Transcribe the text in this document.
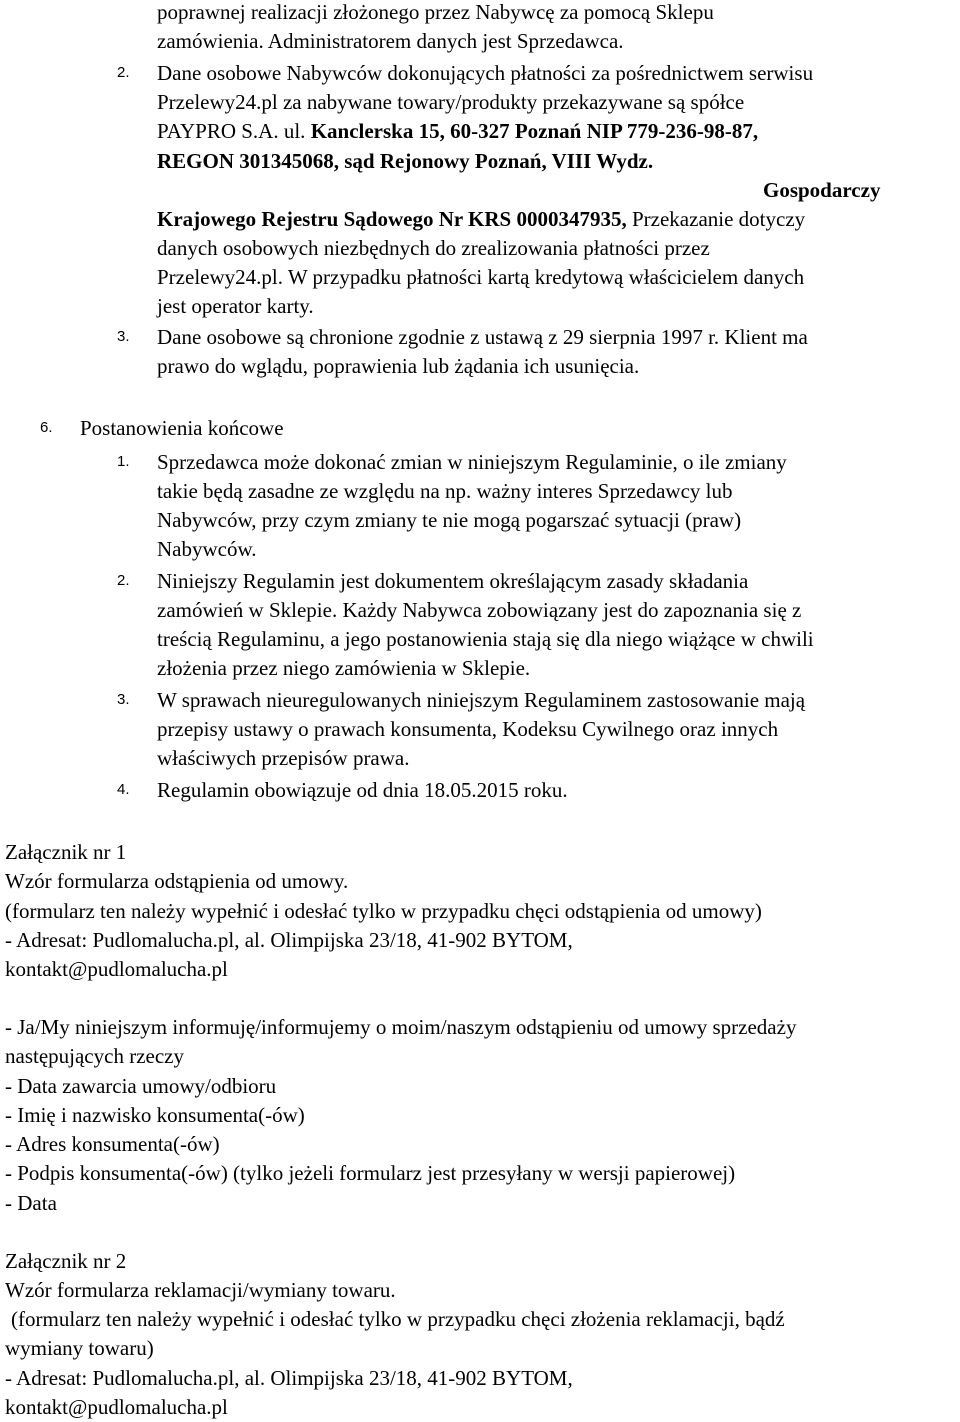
poprawnej realizacji złożonego przez Nabywcę za pomocą Sklepu
zamówienia. Administratorem danych jest Sprzedawca.
2. Dane osobowe Nabywców dokonujących płatności za pośrednictwem serwisu
Przelewy24.pl za nabywane towary/produkty przekazywane są spółce
PAYPRO S.A. ul. Kanclerska 15, 60-327 Poznań NIP 779-236-98-87,
REGON 301345068, sąd Rejonowy Poznań, VIII Wydz.
Gospodarczy
Krajowego Rejestru Sądowego Nr KRS 0000347935, Przekazanie dotyczy
danych osobowych niezbędnych do zrealizowania płatności przez
Przelewy24.pl. W przypadku płatności kartą kredytową właścicielem danych
jest operator karty.
3. Dane osobowe są chronione zgodnie z ustawą z 29 sierpnia 1997 r. Klient ma
prawo do wglądu, poprawienia lub żądania ich usunięcia.
6. Postanowienia końcowe
1. Sprzedawca może dokonać zmian w niniejszym Regulaminie, o ile zmiany
takie będą zasadne ze względu na np. ważny interes Sprzedawcy lub
Nabywców, przy czym zmiany te nie mogą pogarszać sytuacji (praw)
Nabywców.
2. Niniejszy Regulamin jest dokumentem określającym zasady składania
zamówień w Sklepie. Każdy Nabywca zobowiązany jest do zapoznania się z
treścią Regulaminu, a jego postanowienia stają się dla niego wiążące w chwili
złożenia przez niego zamówienia w Sklepie.
3. W sprawach nieuregulowanych niniejszym Regulaminem zastosowanie mają
przepisy ustawy o prawach konsumenta, Kodeksu Cywilnego oraz innych
właściwych przepisów prawa.
4. Regulamin obowiązuje od dnia 18.05.2015 roku.
Załącznik nr 1
Wzór formularza odstąpienia od umowy.
(formularz ten należy wypełnić i odesłać tylko w przypadku chęci odstąpienia od umowy)
- Adresat: Pudlomalucha.pl, al. Olimpijska 23/18, 41-902 BYTOM,
kontakt@pudlomalucha.pl
- Ja/My niniejszym informuję/informujemy o moim/naszym odstąpieniu od umowy sprzedaży
następujących rzeczy
- Data zawarcia umowy/odbioru
- Imię i nazwisko konsumenta(-ów)
- Adres konsumenta(-ów)
- Podpis konsumenta(-ów) (tylko jeżeli formularz jest przesyłany w wersji papierowej)
- Data
Załącznik nr 2
Wzór formularza reklamacji/wymiany towaru.
(formularz ten należy wypełnić i odesłać tylko w przypadku chęci złożenia reklamacji, bądź
wymiany towaru)
- Adresat: Pudlomalucha.pl, al. Olimpijska 23/18, 41-902 BYTOM,
kontakt@pudlomalucha.pl
